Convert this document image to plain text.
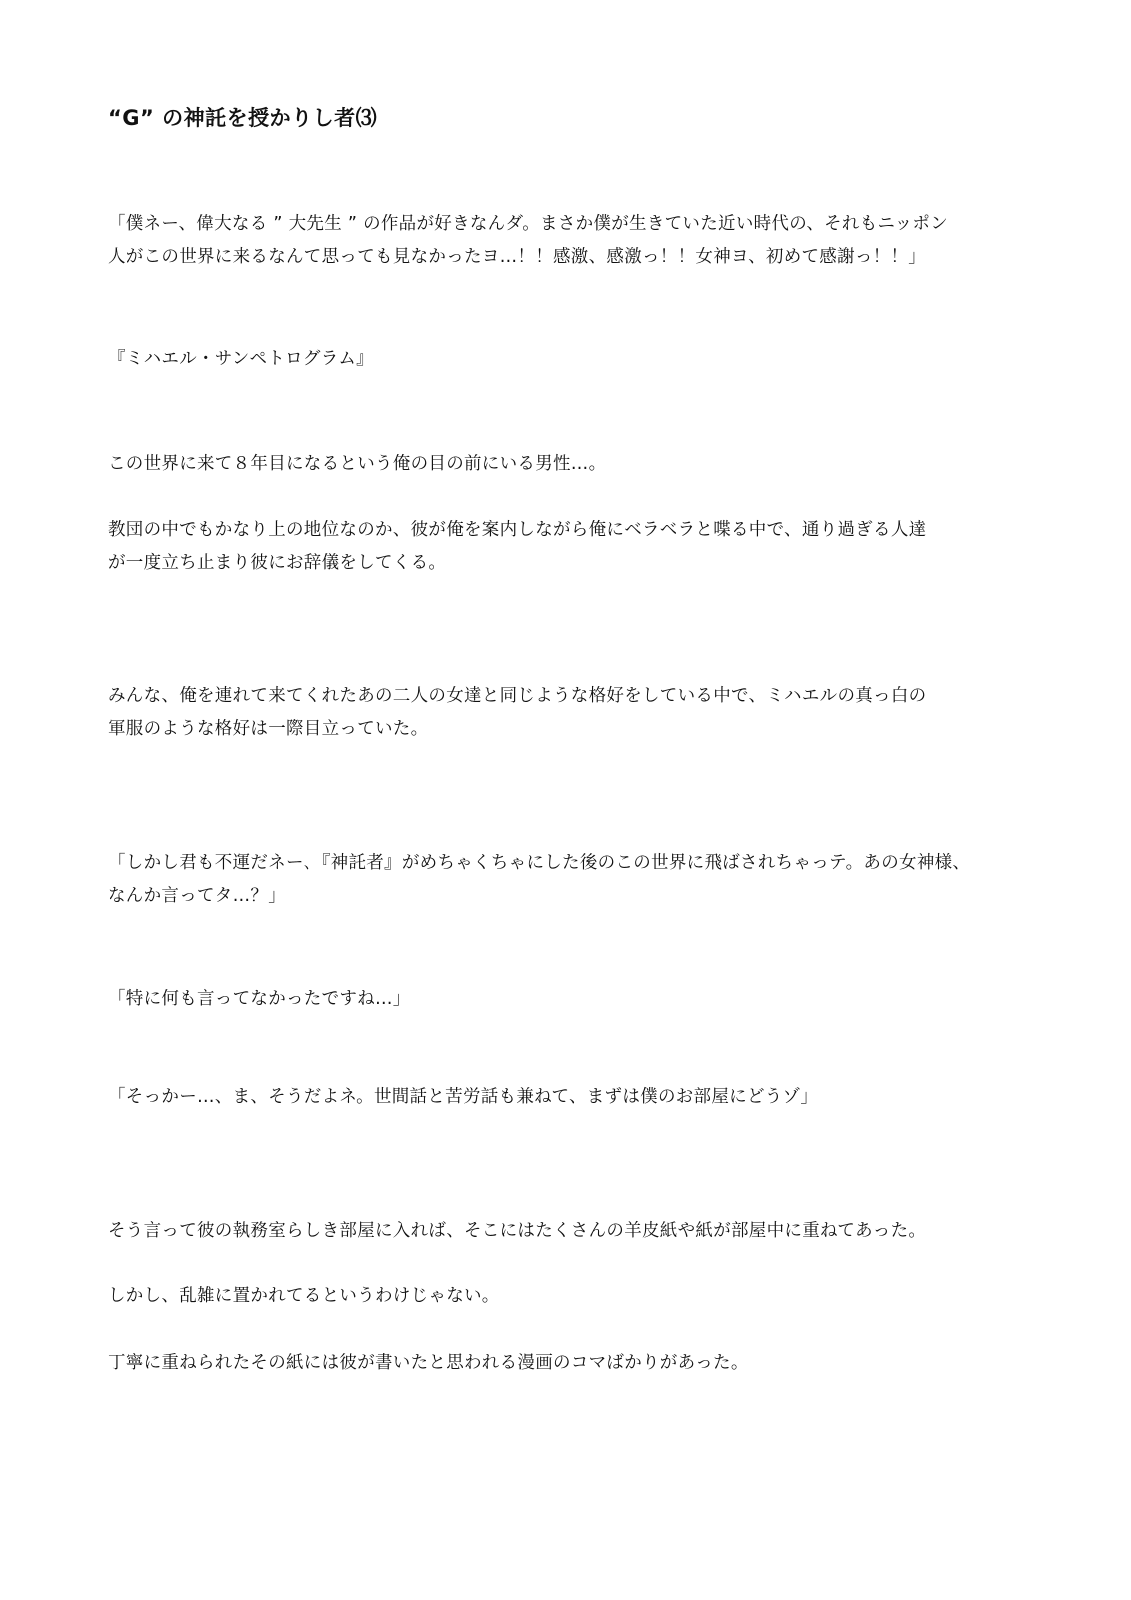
“G” の神託を授かりし者⑶
「僕ネー、偉大なる ” 大先生 ” の作品が好きなんダ。まさか僕が生きていた近い時代の、それもニッポン
人がこの世界に来るなんて思っても見なかったヨ…！！感激、感激っ！！女神ヨ、初めて感謝っ！！」
『ミハエル・サンペトログラム』
この世界に来て８年目になるという俺の目の前にいる男性…。
教団の中でもかなり上の地位なのか、彼が俺を案内しながら俺にベラベラと喋る中で、通り過ぎる人達
が一度立ち止まり彼にお辞儀をしてくる。
みんな、俺を連れて来てくれたあの二人の女達と同じような格好をしている中で、ミハエルの真っ白の
軍服のような格好は一際目立っていた。
「しかし君も不運だネー､『神託者』がめちゃくちゃにした後のこの世界に飛ばされちゃっテ。あの女神様、
なんか言ってタ…？」
「特に何も言ってなかったですね…」
「そっかー…、ま、そうだよネ。世間話と苦労話も兼ねて、まずは僕のお部屋にどうゾ」
そう言って彼の執務室らしき部屋に入れば、そこにはたくさんの羊皮紙や紙が部屋中に重ねてあった。
しかし、乱雑に置かれてるというわけじゃない。
丁寧に重ねられたその紙には彼が書いたと思われる漫画のコマばかりがあった。
